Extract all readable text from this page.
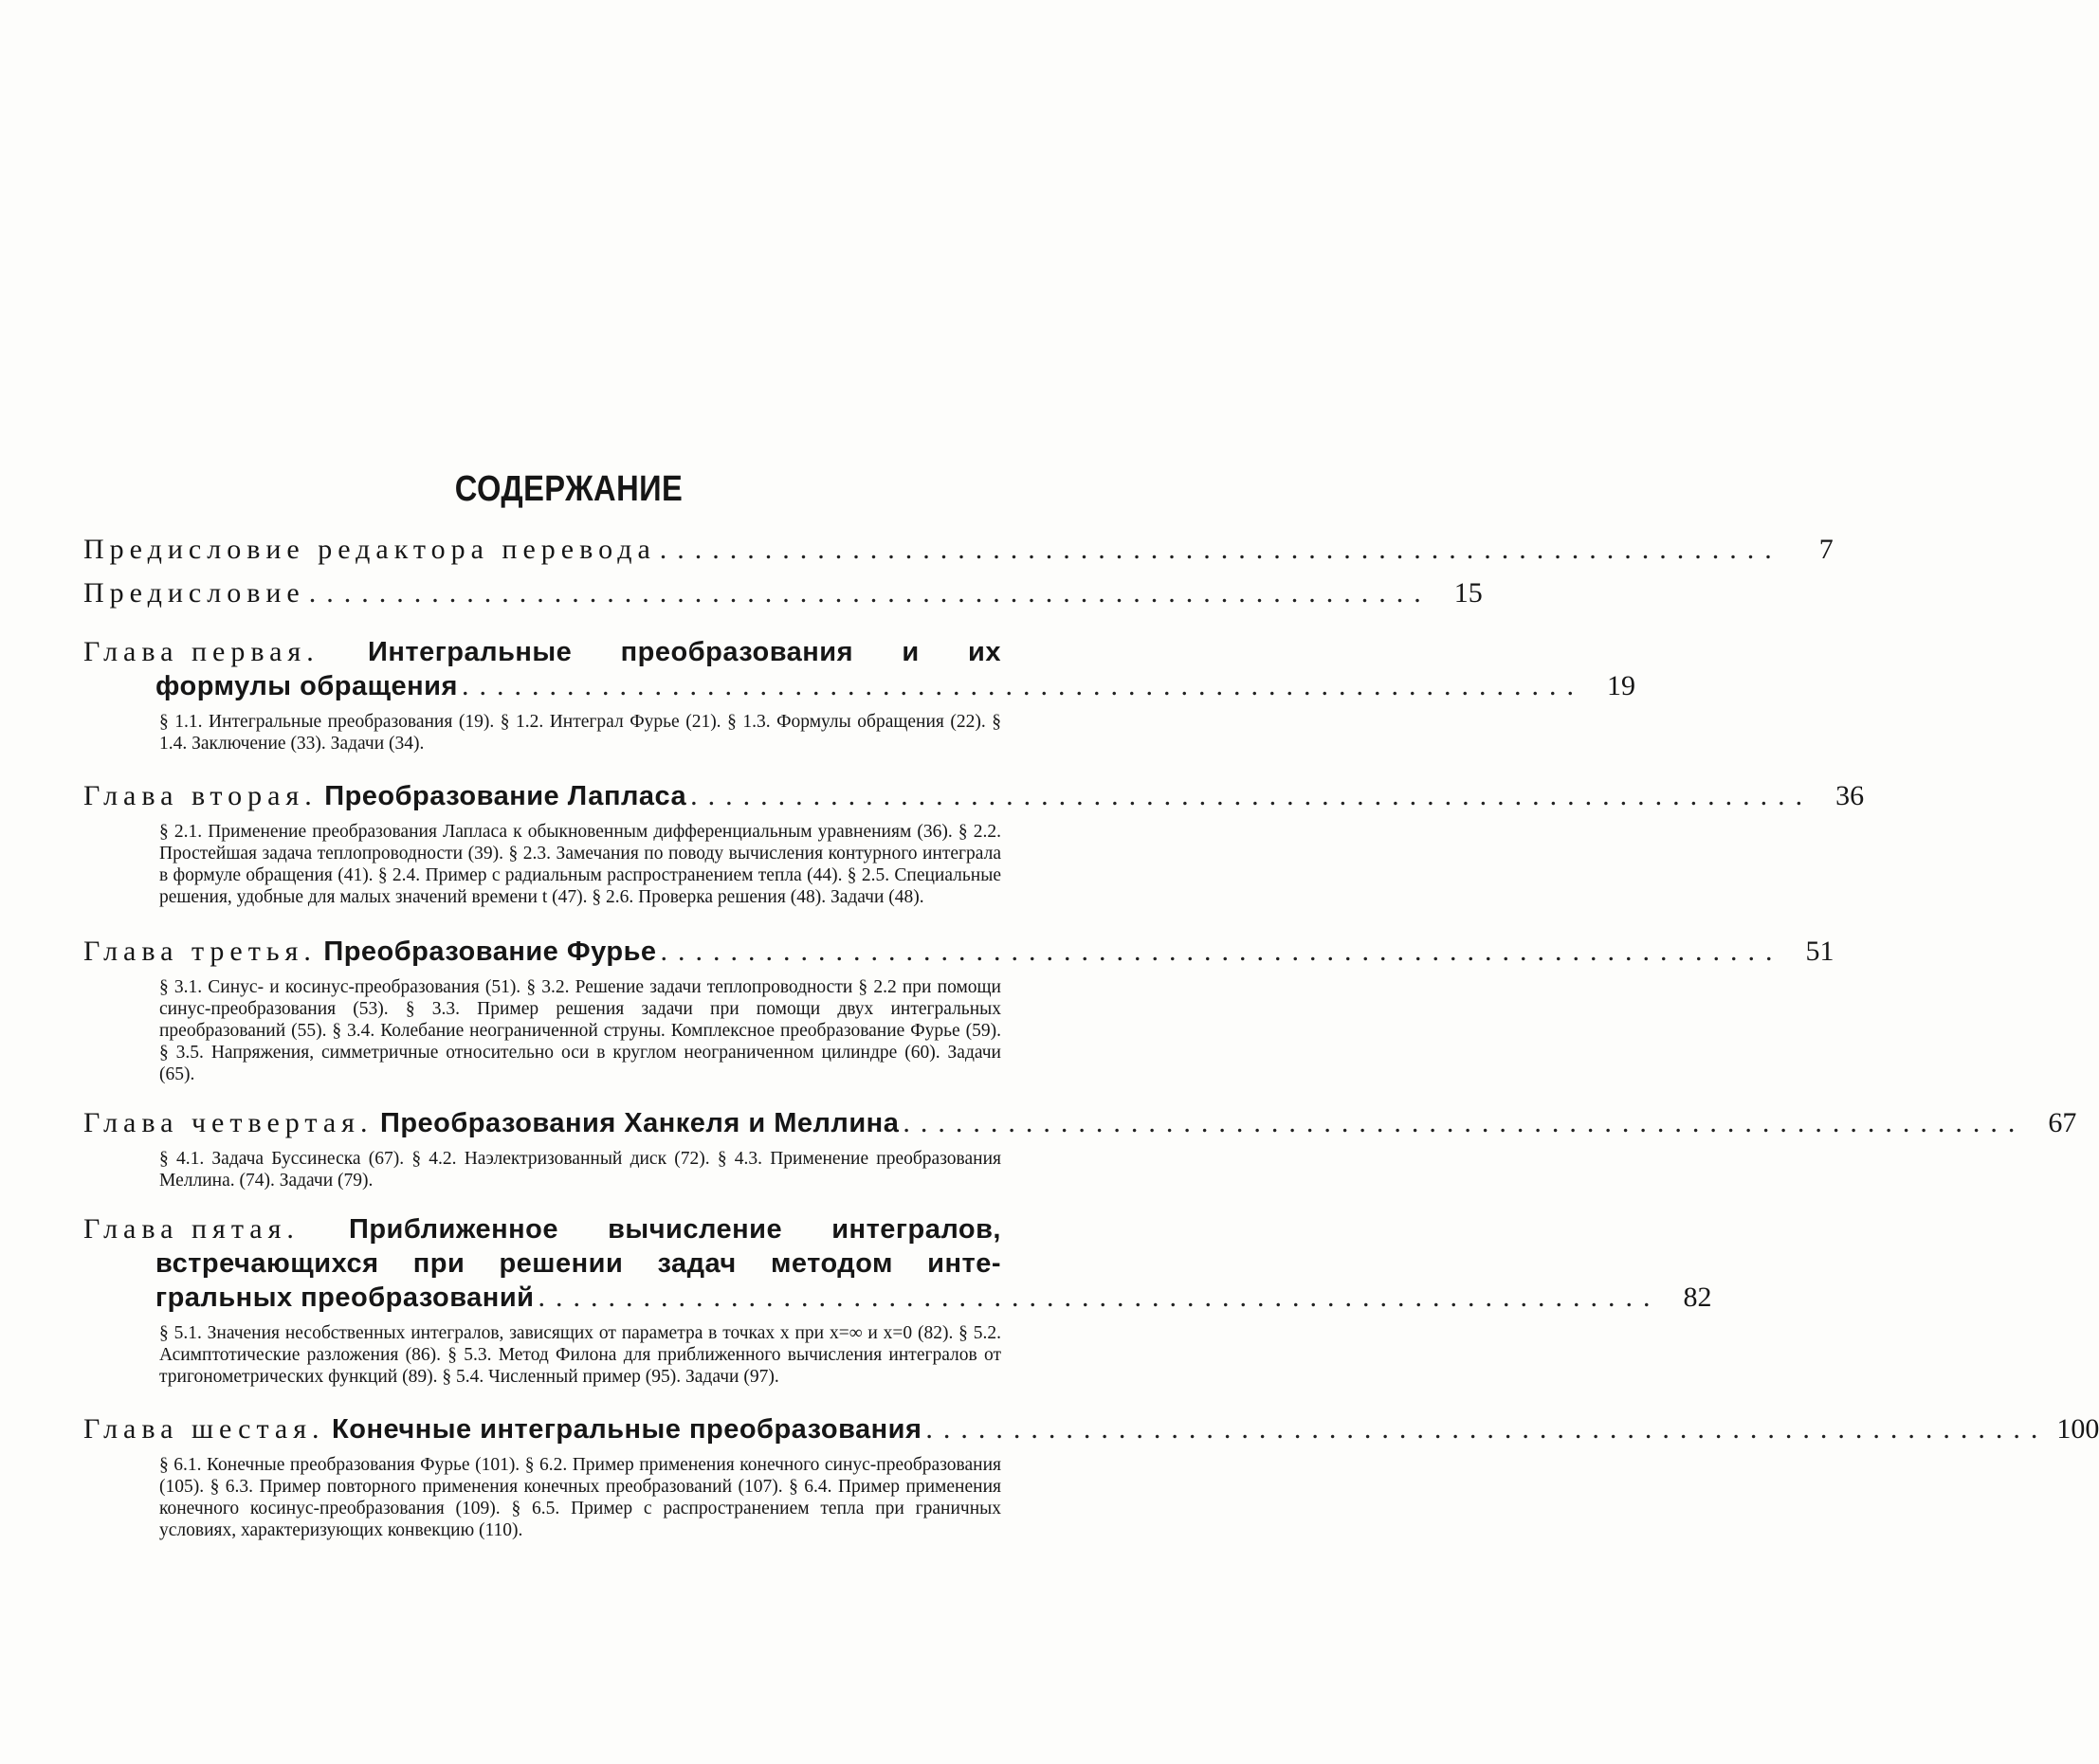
СОДЕРЖАНИЕ
Предисловие редактора перевода ................................................................	7
Предисловие ................................................................ 15
Глава первая. Интегральные преобразования и их
формулы обращения ................................................................ 19
§ 1.1. Интегральные преобразования (19). § 1.2. Интеграл Фурье (21). § 1.3. Формулы обращения (22). § 1.4. Заключение (33). Задачи (34).
Глава вторая. Преобразование Лапласа ................................................................ 36
§ 2.1. Применение преобразования Лапласа к обыкновенным дифференциальным уравнениям (36). § 2.2. Простейшая задача теплопроводности (39). § 2.3. Замечания по поводу вычисления контурного интеграла в формуле обращения (41). § 2.4. Пример с радиальным распространением тепла (44). § 2.5. Специальные решения, удобные для малых значений времени t (47). § 2.6. Проверка решения (48). Задачи (48).
Глава третья. Преобразование Фурье ................................................................ 51
§ 3.1. Синус- и косинус-преобразования (51). § 3.2. Решение задачи теплопроводности § 2.2 при помощи синус-преобразования (53). § 3.3. Пример решения задачи при помощи двух интегральных преобразований (55). § 3.4. Колебание неограниченной струны. Комплексное преобразование Фурье (59). § 3.5. Напряжения, симметричные относительно оси в круглом неограниченном цилиндре (60). Задачи (65).
Глава четвертая. Преобразования Ханкеля и Меллина ................................................................ 67
§ 4.1. Задача Буссинеска (67). § 4.2. Наэлектризованный диск (72). § 4.3. Применение преобразования Меллина. (74). Задачи (79).
Глава пятая. Приближенное вычисление интегралов,
встречающихся при решении задач методом инте-
гральных преобразований ................................................................ 82
§ 5.1. Значения несобственных интегралов, зависящих от параметра в точках x при x=∞ и x=0 (82). § 5.2. Асимптотические разложения (86). § 5.3. Метод Филона для приближенного вычисления интегралов от тригонометрических функций (89). § 5.4. Численный пример (95). Задачи (97).
Глава шестая. Конечные интегральные преобразования ................................................................ 100
§ 6.1. Конечные преобразования Фурье (101). § 6.2. Пример применения конечного синус-преобразования (105). § 6.3. Пример повторного применения конечных преобразований (107). § 6.4. Пример применения конечного косинус-преобразования (109). § 6.5. Пример с распространением тепла при граничных условиях, характеризующих конвекцию (110).
